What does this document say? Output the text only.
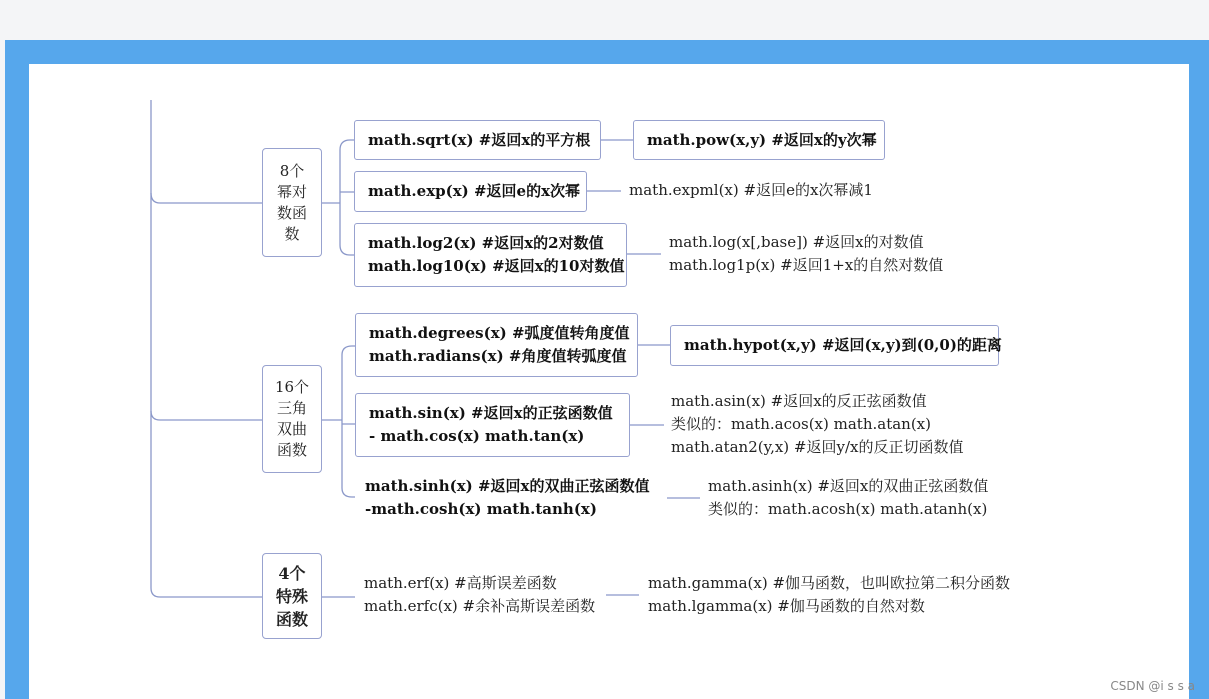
8个
幂对
数函
数
16个
三角
双曲
函数
4个
特殊
函数
math.sqrt(x) #返回x的平方根	math.pow(x,y) #返回x的y次幂
math.exp(x) #返回e的x次幂
math.log2(x) #返回x的2对数值
math.log10(x) #返回x的10对数值
math.degrees(x) #弧度值转角度值
math.radians(x) #角度值转弧度值
math.hypot(x,y) #返回(x,y)到(0,0)的距离
math.sin(x) #返回x的正弦函数值
- math.cos(x) math.tan(x)
math.expml(x) #返回e的x次幂减1
math.log(x[,base]) #返回x的对数值
math.log1p(x) #返回1+x的自然对数值
math.asin(x) #返回x的反正弦函数值
类似的：math.acos(x) math.atan(x)
math.atan2(y,x) #返回y/x的反正切函数值
math.sinh(x) #返回x的双曲正弦函数值
-math.cosh(x) math.tanh(x)
math.asinh(x) #返回x的双曲正弦函数值
类似的：math.acosh(x) math.atanh(x)
math.erf(x) #高斯误差函数
math.erfc(x) #余补高斯误差函数
math.gamma(x) #伽马函数，也叫欧拉第二积分函数
math.lgamma(x) #伽马函数的自然对数
CSDN @i s s a
